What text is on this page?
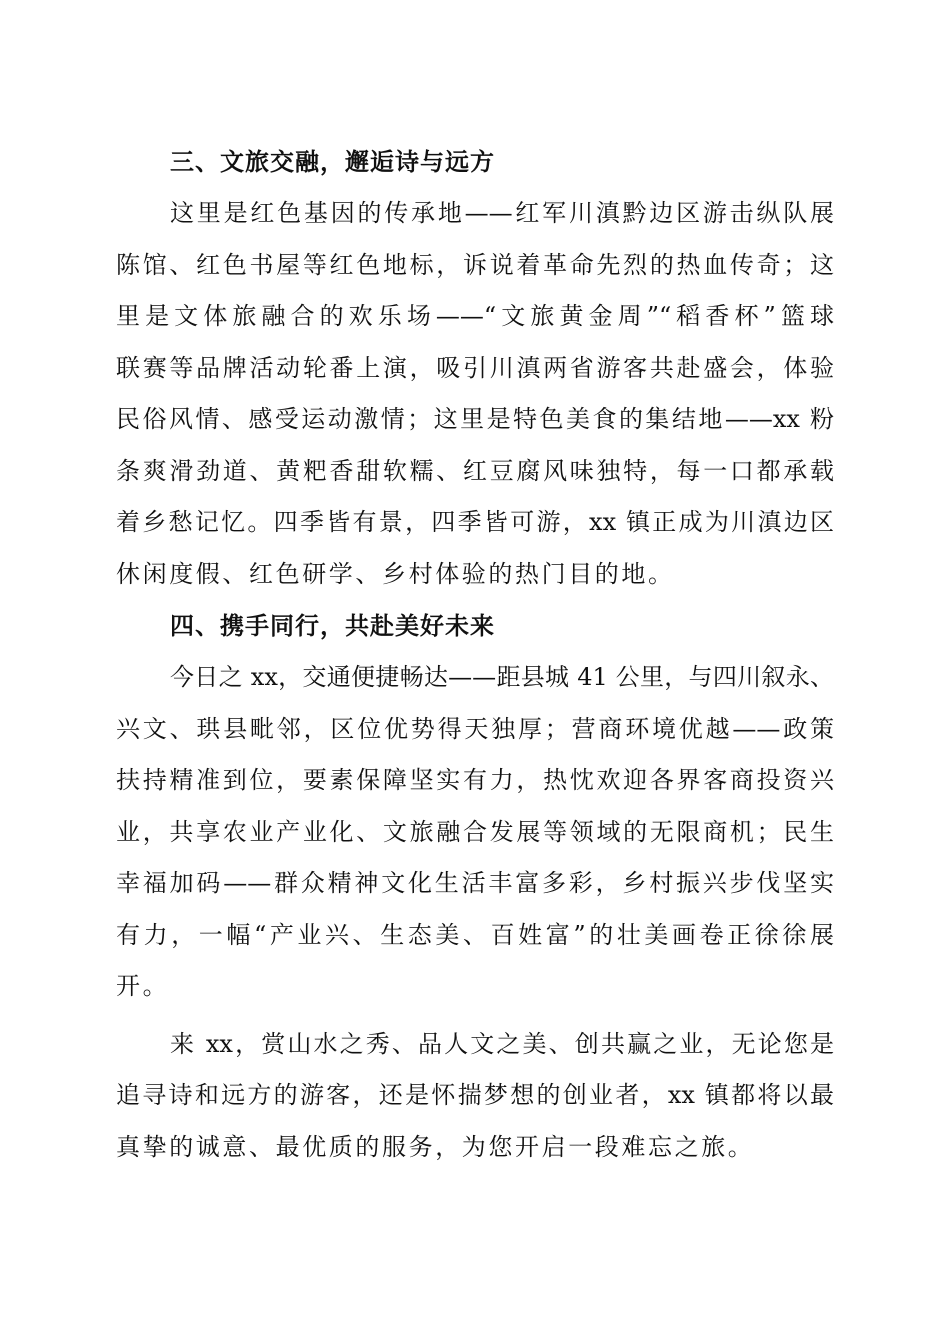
三、文旅交融，邂逅诗与远方
这里是红色基因的传承地——红军川滇黔边区游击纵队展
陈馆、红色书屋等红色地标，诉说着革命先烈的热血传奇；这
里是文体旅融合的欢乐场——“文旅黄金周”“稻香杯”篮球
联赛等品牌活动轮番上演，吸引川滇两省游客共赴盛会，体验
民俗风情、感受运动激情；这里是特色美食的集结地——xx 粉
条爽滑劲道、黄粑香甜软糯、红豆腐风味独特，每一口都承载
着乡愁记忆。四季皆有景，四季皆可游，xx 镇正成为川滇边区
休闲度假、红色研学、乡村体验的热门目的地。
四、携手同行，共赴美好未来
今日之 xx，交通便捷畅达——距县城 41 公里，与四川叙永、
兴文、珙县毗邻，区位优势得天独厚；营商环境优越——政策
扶持精准到位，要素保障坚实有力，热忱欢迎各界客商投资兴
业，共享农业产业化、文旅融合发展等领域的无限商机；民生
幸福加码——群众精神文化生活丰富多彩，乡村振兴步伐坚实
有力，一幅“产业兴、生态美、百姓富”的壮美画卷正徐徐展
开。
来 xx，赏山水之秀、品人文之美、创共赢之业，无论您是
追寻诗和远方的游客，还是怀揣梦想的创业者，xx 镇都将以最
真挚的诚意、最优质的服务，为您开启一段难忘之旅。
